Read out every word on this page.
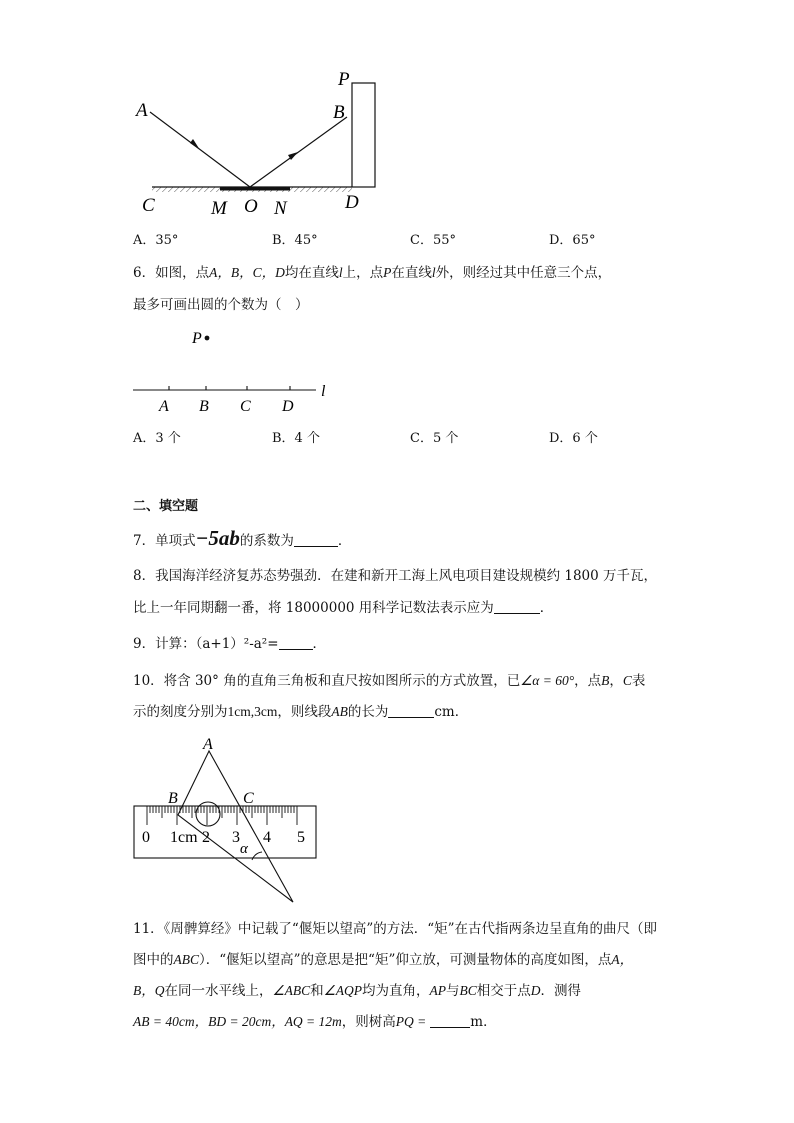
A
P
B
C	M O N	D
A．35°	B．45°	C．55°	D．65°
6．如图，点A，B，C，D均在直线l上，点P在直线l外，则经过其中任意三个点，
最多可画出圆的个数为（　）
P
A B C D
l
A．3 个	B．4 个	C．5 个	D．6 个
二、填空题
7．单项式−5ab的系数为	．
8．我国海洋经济复苏态势强劲．在建和新开工海上风电项目建设规模约 1800 万千瓦，
比上一年同期翻一番，将 18000000 用科学记数法表示应为	．
9．计算：（a+1）²-a²=	．
10．将含 30° 角的直角三角板和直尺按如图所示的方式放置，已∠α = 60°，点B，C表
示的刻度分别为1cm,3cm，则线段AB的长为	cm．
0 1cm 2 3 4 5
A
B	C
α
11．《周髀算经》中记载了“偃矩以望高”的方法．“矩”在古代指两条边呈直角的曲尺（即
图中的ABC）．“偃矩以望高”的意思是把“矩”仰立放，可测量物体的高度如图，点A，
B，Q在同一水平线上，∠ABC和∠AQP均为直角，AP与BC相交于点D．测得
AB = 40cm，BD = 20cm，AQ = 12m，则树高PQ =	m．
